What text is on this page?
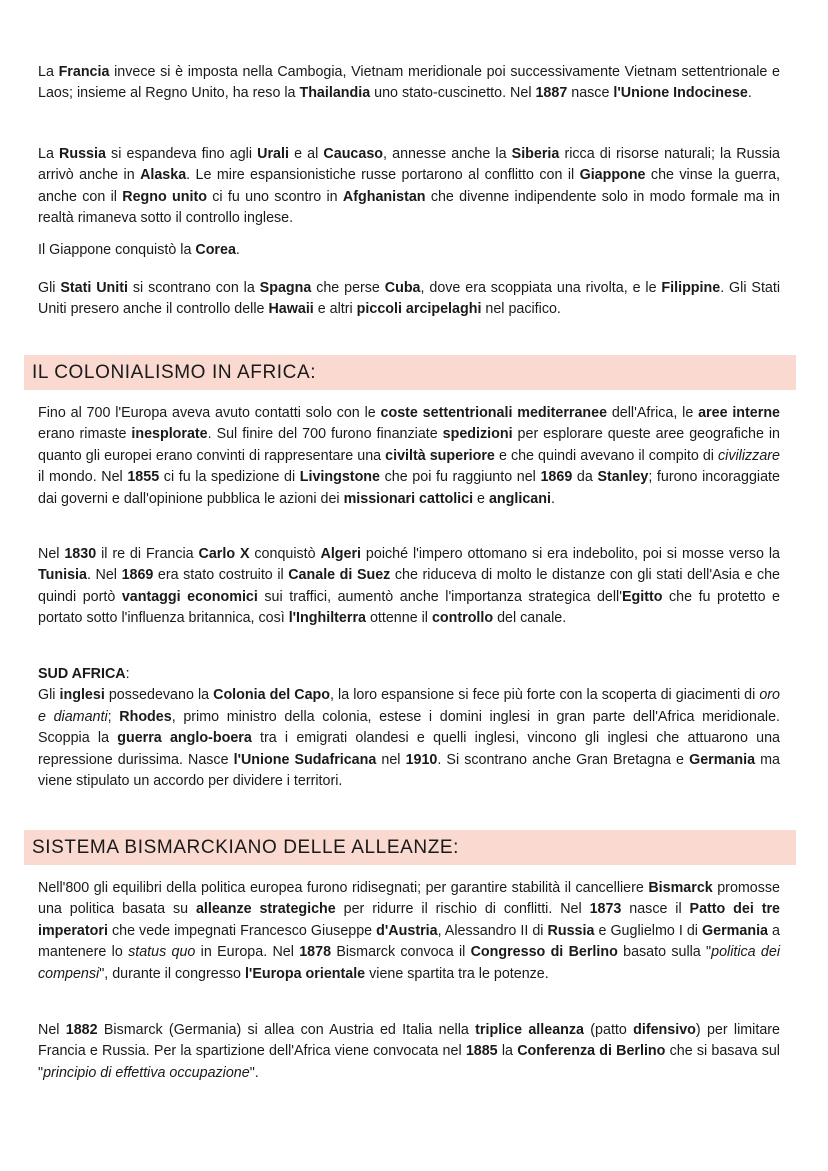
La Francia invece si è imposta nella Cambogia, Vietnam meridionale poi successivamente Vietnam settentrionale e Laos; insieme al Regno Unito, ha reso la Thailandia uno stato-cuscinetto. Nel 1887 nasce l'Unione Indocinese.

La Russia si espandeva fino agli Urali e al Caucaso, annesse anche la Siberia ricca di risorse naturali; la Russia arrivò anche in Alaska. Le mire espansionistiche russe portarono al conflitto con il Giappone che vinse la guerra, anche con il Regno unito ci fu uno scontro in Afghanistan che divenne indipendente solo in modo formale ma in realtà rimaneva sotto il controllo inglese.

Il Giappone conquistò la Corea.

Gli Stati Uniti si scontrano con la Spagna che perse Cuba, dove era scoppiata una rivolta, e le Filippine. Gli Stati Uniti presero anche il controllo delle Hawaii e altri piccoli arcipelaghi nel pacifico.

IL COLONIALISMO IN AFRICA:

Fino al 700 l'Europa aveva avuto contatti solo con le coste settentrionali mediterranee dell'Africa, le aree interne erano rimaste inesplorate. Sul finire del 700 furono finanziate spedizioni per esplorare queste aree geografiche in quanto gli europei erano convinti di rappresentare una civiltà superiore e che quindi avevano il compito di civilizzare il mondo. Nel 1855 ci fu la spedizione di Livingstone che poi fu raggiunto nel 1869 da Stanley; furono incoraggiate dai governi e dall'opinione pubblica le azioni dei missionari cattolici e anglicani.

Nel 1830 il re di Francia Carlo X conquistò Algeri poiché l'impero ottomano si era indebolito, poi si mosse verso la Tunisia. Nel 1869 era stato costruito il Canale di Suez che riduceva di molto le distanze con gli stati dell'Asia e che quindi portò vantaggi economici sui traffici, aumentò anche l'importanza strategica dell'Egitto che fu protetto e portato sotto l'influenza britannica, così l'Inghilterra ottenne il controllo del canale.

SUD AFRICA:
Gli inglesi possedevano la Colonia del Capo, la loro espansione si fece più forte con la scoperta di giacimenti di oro e diamanti; Rhodes, primo ministro della colonia, estese i domini inglesi in gran parte dell'Africa meridionale. Scoppia la guerra anglo-boera tra i emigrati olandesi e quelli inglesi, vincono gli inglesi che attuarono una repressione durissima. Nasce l'Unione Sudafricana nel 1910. Si scontrano anche Gran Bretagna e Germania ma viene stipulato un accordo per dividere i territori.

SISTEMA BISMARCKIANO DELLE ALLEANZE:

Nell'800 gli equilibri della politica europea furono ridisegnati; per garantire stabilità il cancelliere Bismarck promosse una politica basata su alleanze strategiche per ridurre il rischio di conflitti. Nel 1873 nasce il Patto dei tre imperatori che vede impegnati Francesco Giuseppe d'Austria, Alessandro II di Russia e Guglielmo I di Germania a mantenere lo status quo in Europa. Nel 1878 Bismarck convoca il Congresso di Berlino basato sulla "politica dei compensi", durante il congresso l'Europa orientale viene spartita tra le potenze.

Nel 1882 Bismarck (Germania) si allea con Austria ed Italia nella triplice alleanza (patto difensivo) per limitare Francia e Russia. Per la spartizione dell'Africa viene convocata nel 1885 la Conferenza di Berlino che si basava sul "principio di effettiva occupazione".
